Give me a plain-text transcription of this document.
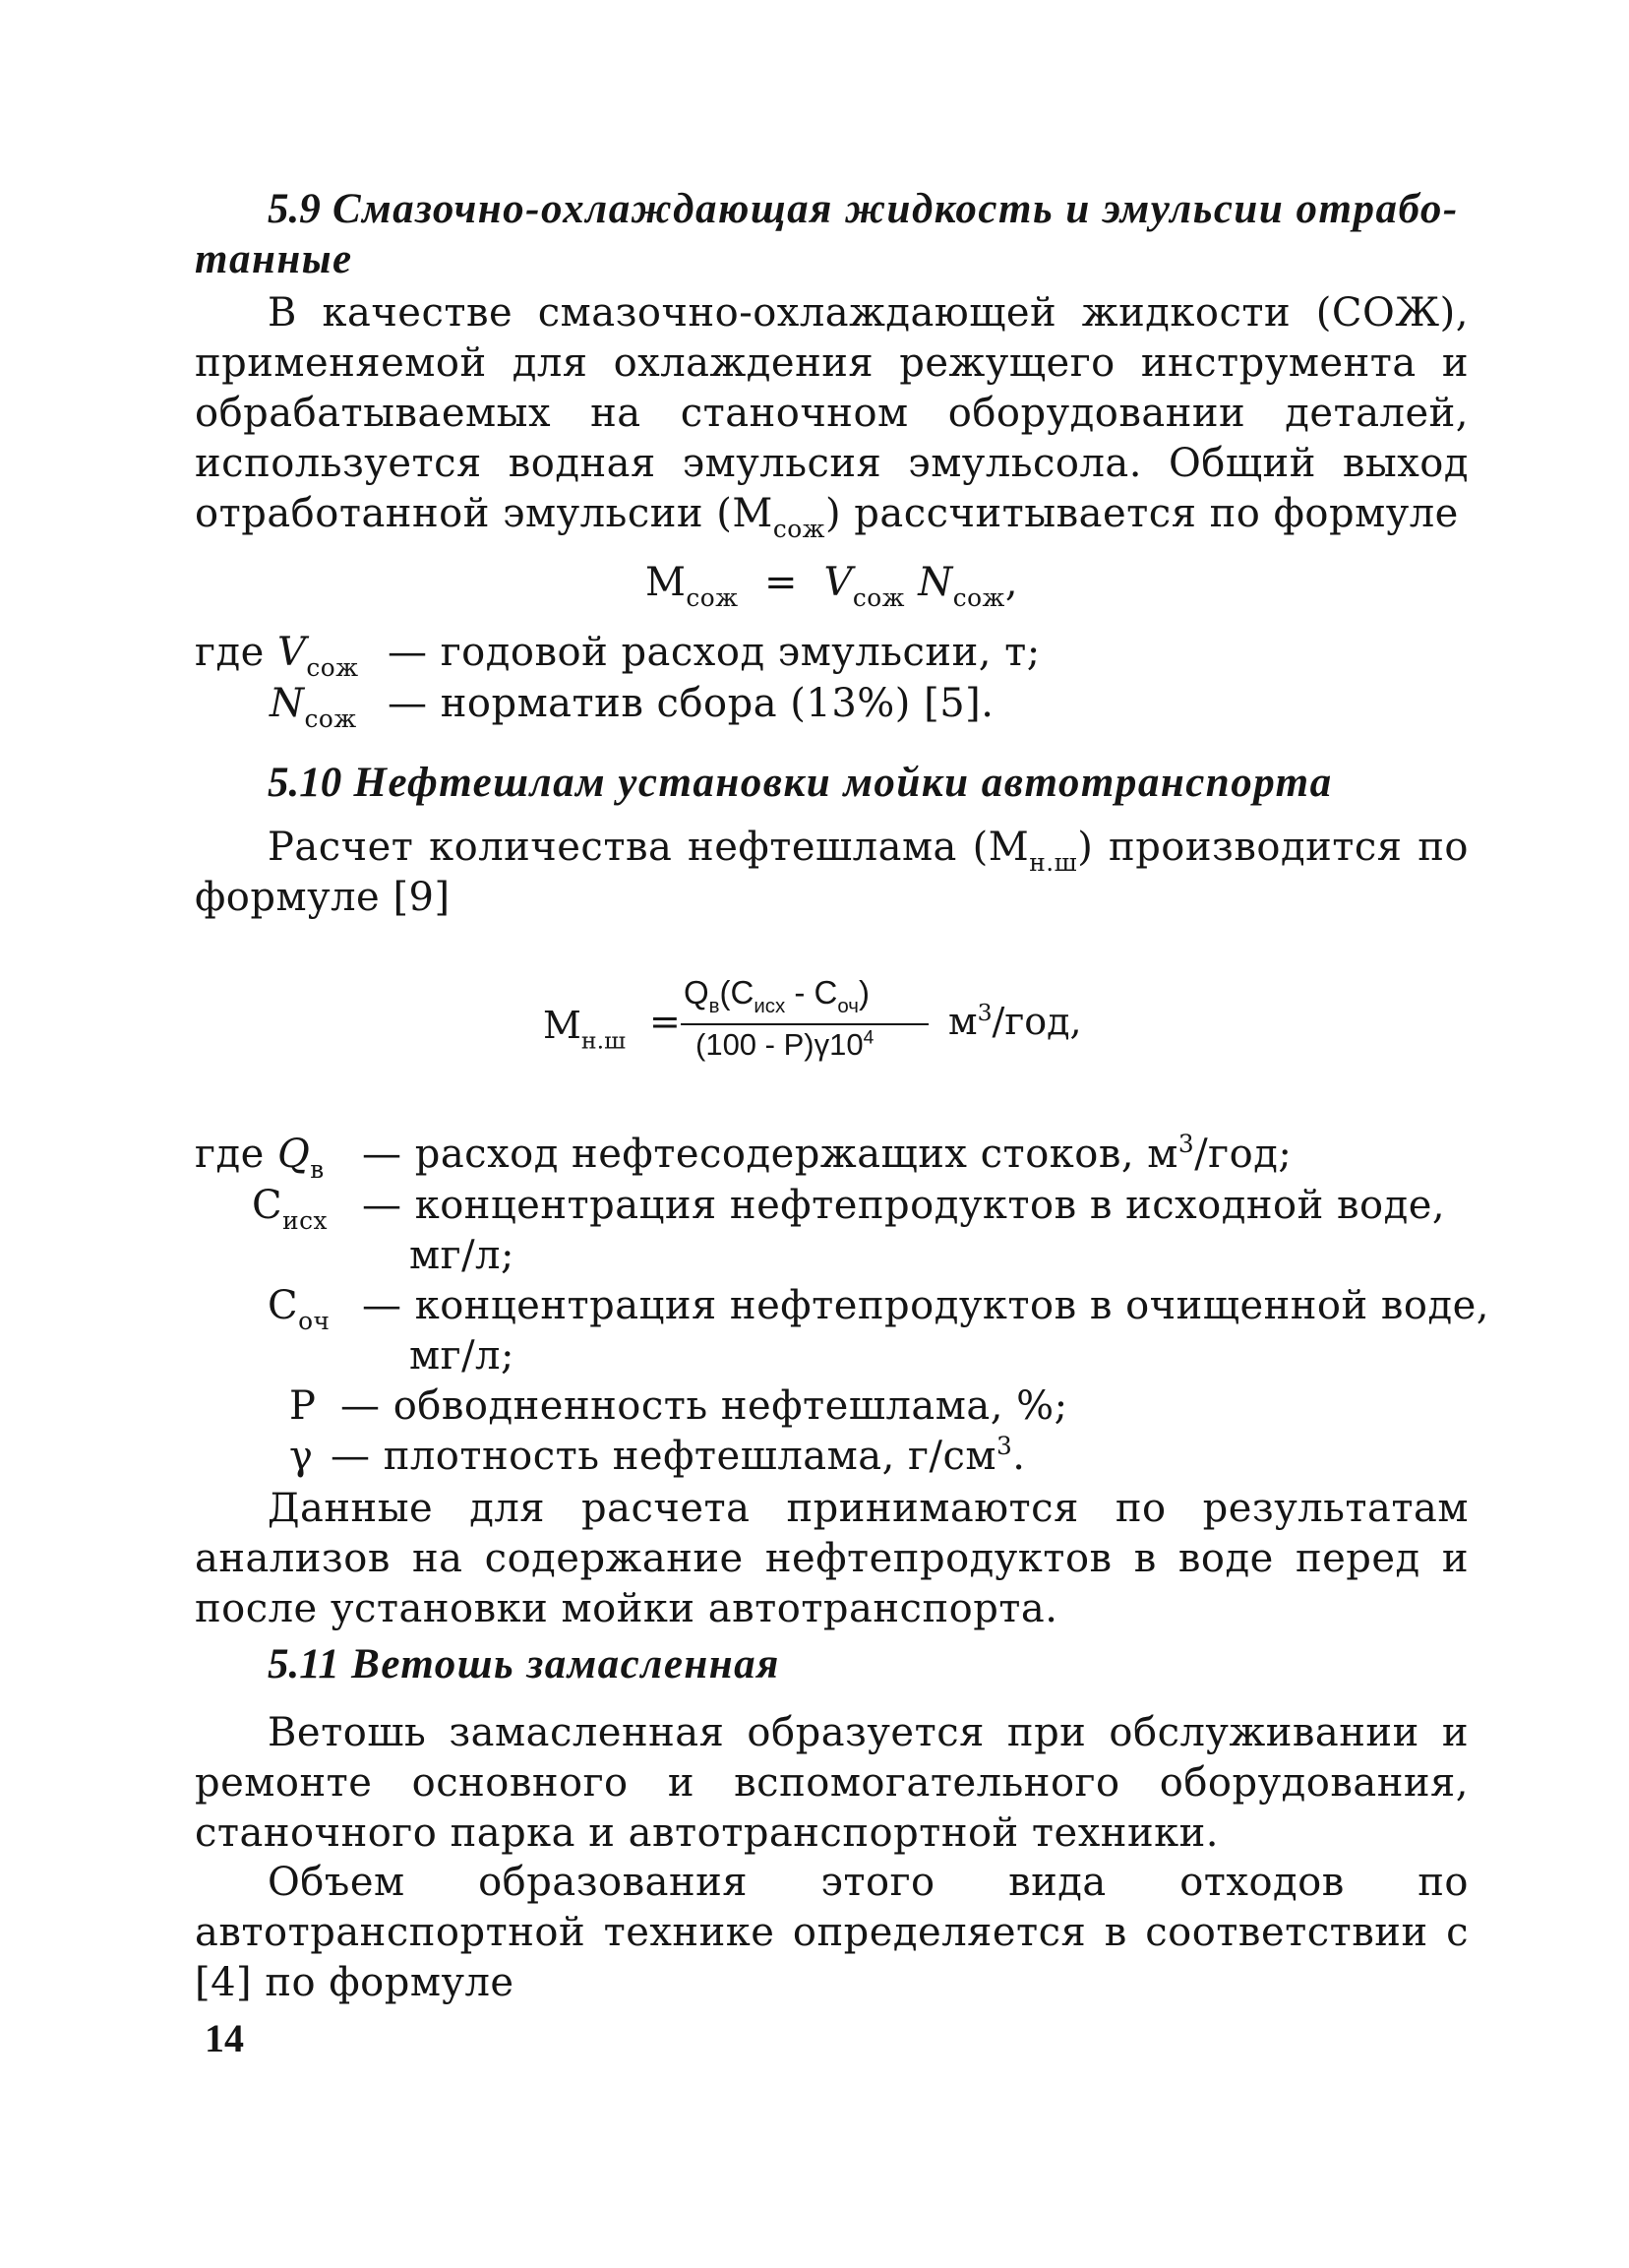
5.9 Смазочно-охлаждающая жидкость и эмульсии отрабо-
танные
В качестве смазочно-охлаждающей жидкости (СОЖ), применяемой для охлаждения режущего инструмента и обрабатываемых на станочном оборудовании деталей, используется водная эмульсия эмульсола. Общий выход отработанной эмульсии $(М_{сож})$ рассчитывается по формуле
$М_{сож} = V_{сож}$ $N_{сож}$,
где $V_{сож}$ — годовой расход эмульсии, т;
$N_{сож}$ — норматив сбора (13%) [5].
5.10 Нефтешлам установки мойки автотранспорта
Расчет количества нефтешлама $(М_{н.ш})$ производится по формуле [9]
$М_{н.ш}$ =
$Q_в(С_{исх} - С_{оч})$
$(100 - Р)\gamma 10^4$ $м^3$/год,
где $Q_в$ — расход нефтесодержащих стоков, $м^3$/год;
$С_{исх}$ — концентрация нефтепродуктов в исходной воде,
мг/л;
$С_{оч}$ — концентрация нефтепродуктов в очищенной воде,
мг/л;
Р — обводненность нефтешлама, %;
γ — плотность нефтешлама, $г/см^3$.
Данные для расчета принимаются по результатам анализов на содержание нефтепродуктов в воде перед и после установки мойки автотранспорта.
5.11 Ветошь замасленная
Ветошь замасленная образуется при обслуживании и ремонте основного и вспомогательного оборудования, станочного парка и автотранспортной техники.
Объем образования этого вида отходов по автотранспортной технике определяется в соответствии с [4] по формуле
14
